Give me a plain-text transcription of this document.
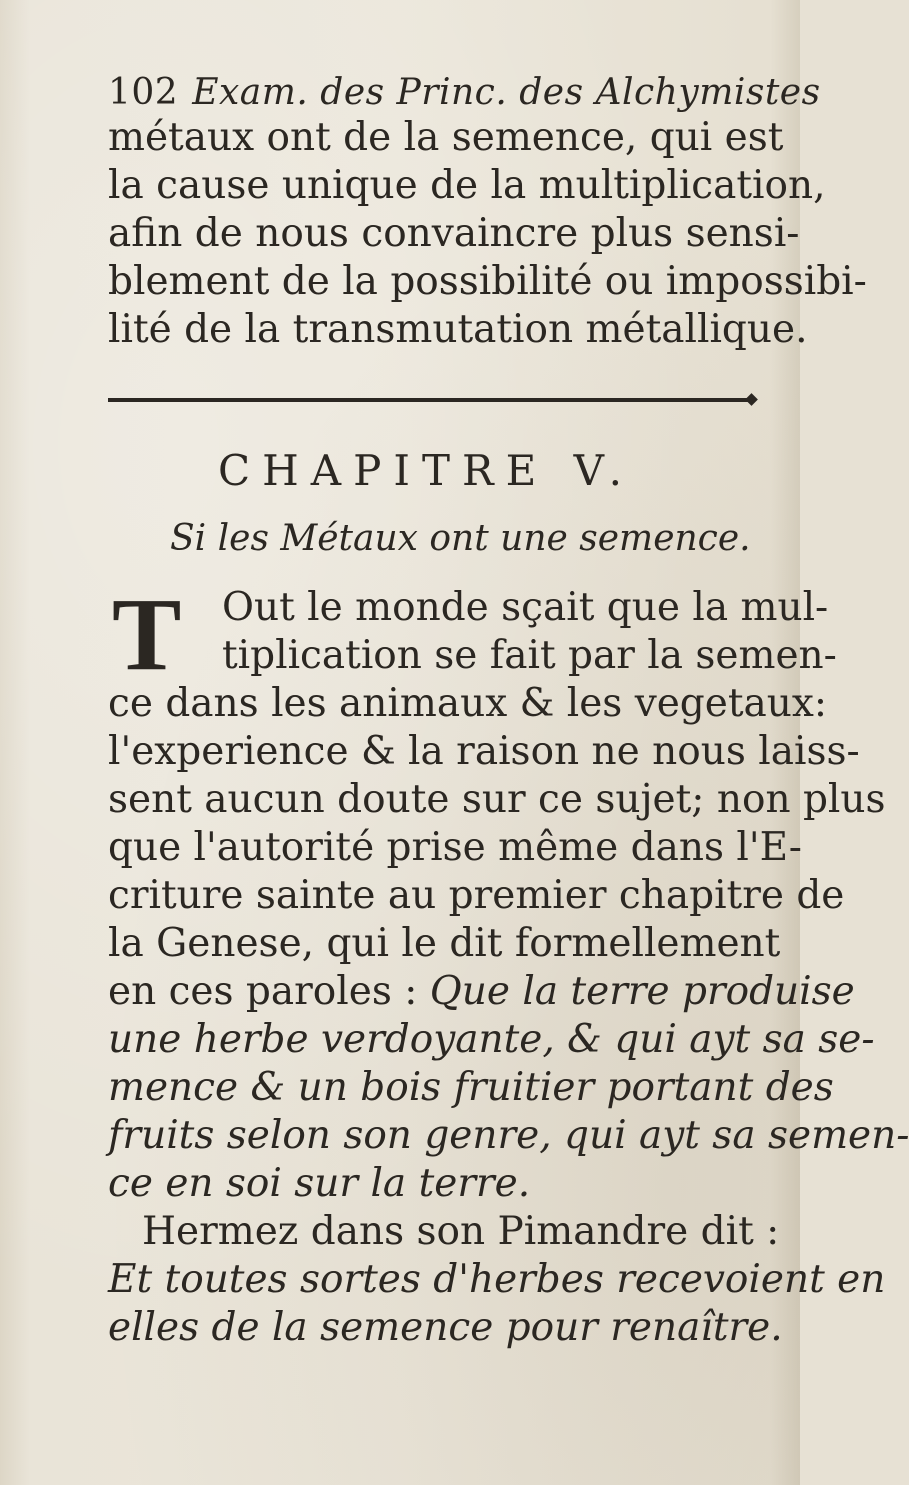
102 Exam. des Princ. des Alchymistes
métaux ont de la semence, qui est
la cause unique de la multiplication,
afin de nous convaincre plus sensi-
blement de la possibilité ou impossibi-
lité de la transmutation métallique.
CHAPITRE V.
Si les Métaux ont une semence.
T Out le monde sçait que la mul-
tiplication se fait par la semen-
ce dans les animaux & les vegetaux:
l'experience & la raison ne nous laiss-
sent aucun doute sur ce sujet; non plus
que l'autorité prise même dans l'E-
criture sainte au premier chapitre de
la Genese, qui le dit formellement
en ces paroles : Que la terre produise
une herbe verdoyante, & qui ayt sa se-
mence & un bois fruitier portant des
fruits selon son genre, qui ayt sa semen-
ce en soi sur la terre.
Hermez dans son Pimandre dit :
Et toutes sortes d'herbes recevoient en
elles de la semence pour renaître.
